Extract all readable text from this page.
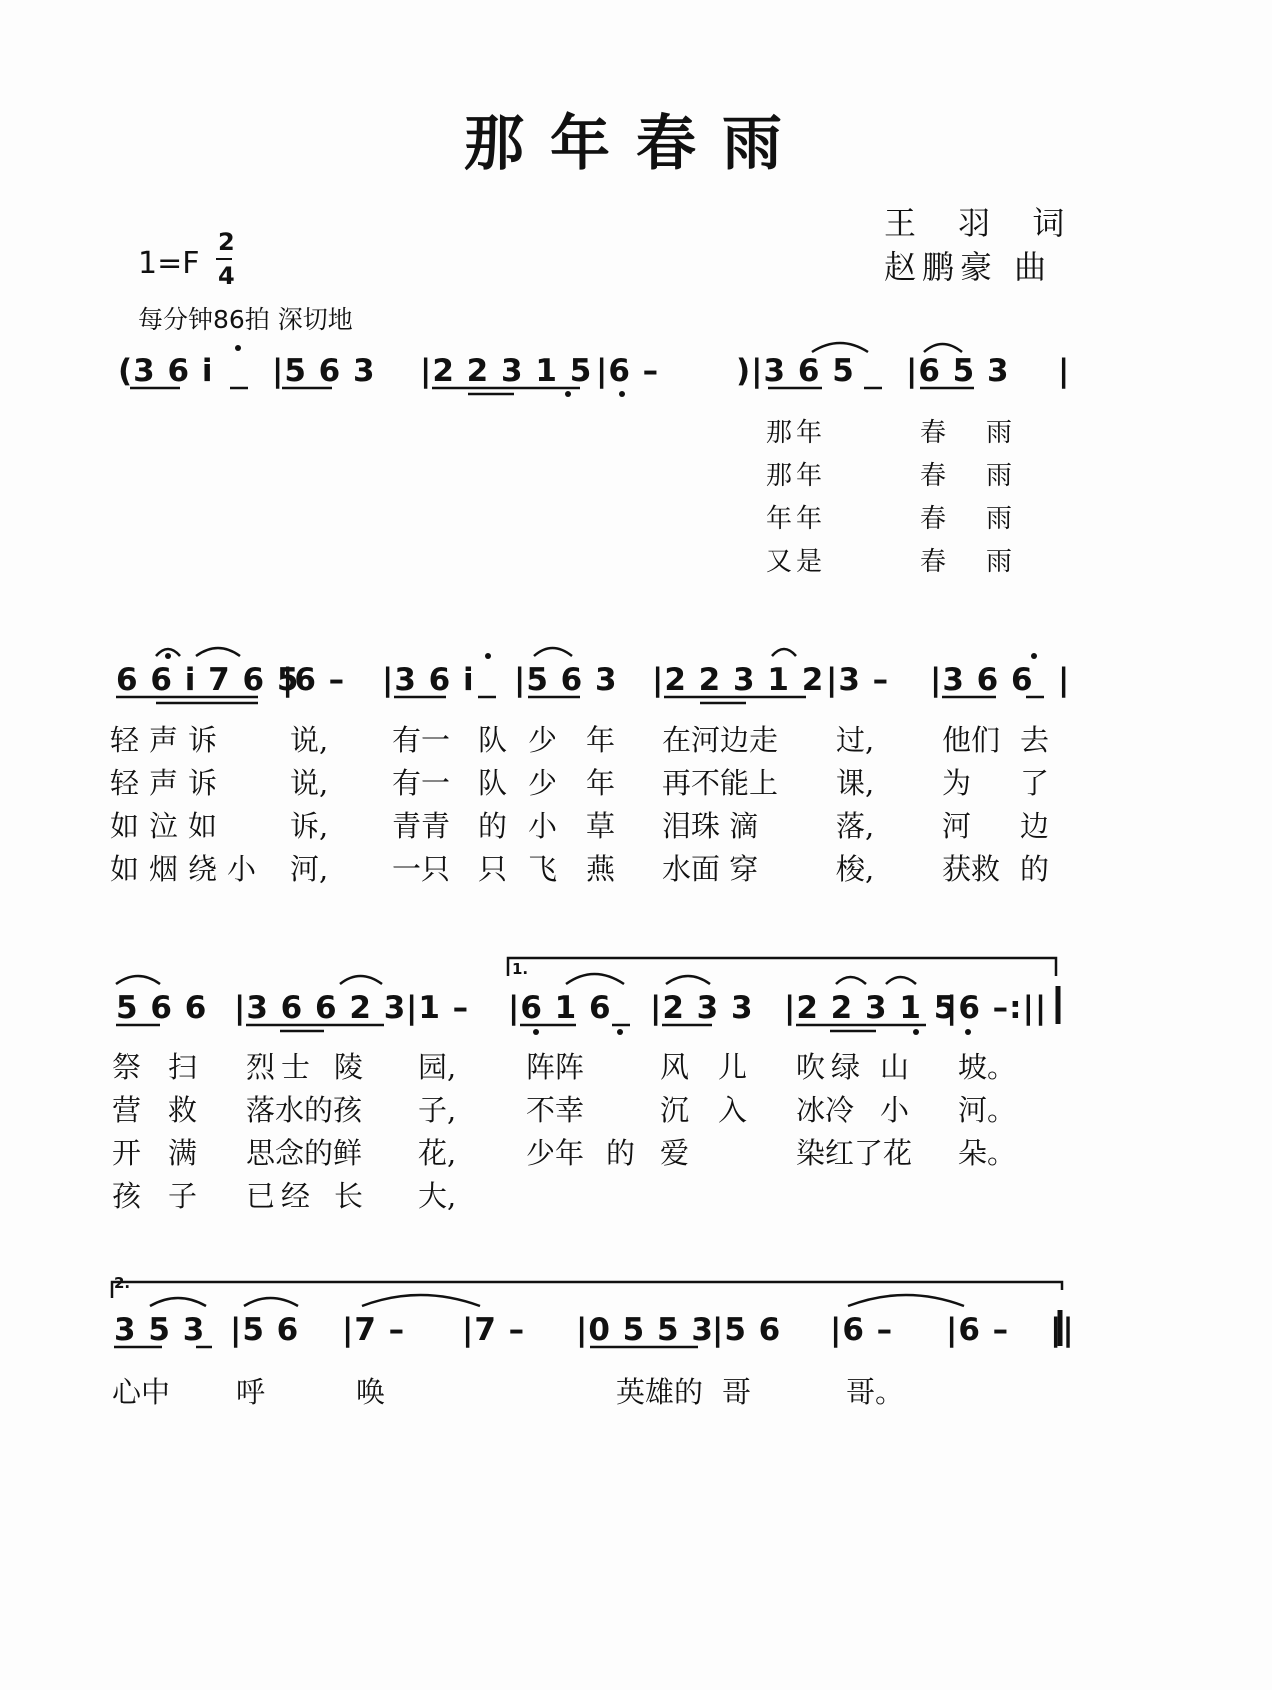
那年春雨
王 羽 词
赵鹏豪 曲
1=F
2
4
每分钟86拍 深切地
(3 6 i |5 6 3 |2 2 3 1 5 |6 – )|3 6 5 |6 5 3 |
那年	春 雨
那年	春 雨
年年	春 雨
又是	春 雨
6 6 i 7 6 5
|6 – |3 6 i |5 6 3 |2 2 3 1 2 |3 – |3 6 6 |
轻声诉 说, 有一 队 少 年 在河边走 过, 他们 去
轻声诉 说, 有一 队 少 年 再不能上 课, 为 了
如泣如 诉, 青青 的 小 草 泪珠 滴	落, 河 边
如烟绕小 河, 一只 只 飞 燕 水面 穿	梭, 获救 的
1.
5 6 6 |3 6 6 2 3 |1 – |6 1 6 |2 3 3 |2 2 3 1 5
|6 –:||
祭 扫 烈士 陵 园, 阵阵	风 儿 吹绿 山 坡。
营 救 落水的孩 子, 不幸	沉 入 冰冷 小 河。
开 满 思念的鲜 花, 少年 的 爱	染红了花 朵。
孩 子 已经 长 大,
2.
3 5 3 |5 6 |7 – |7 – |0 5 5 3
|5 6 |6 – |6 – ||
心中 呼	唤	英雄的 哥	哥。
